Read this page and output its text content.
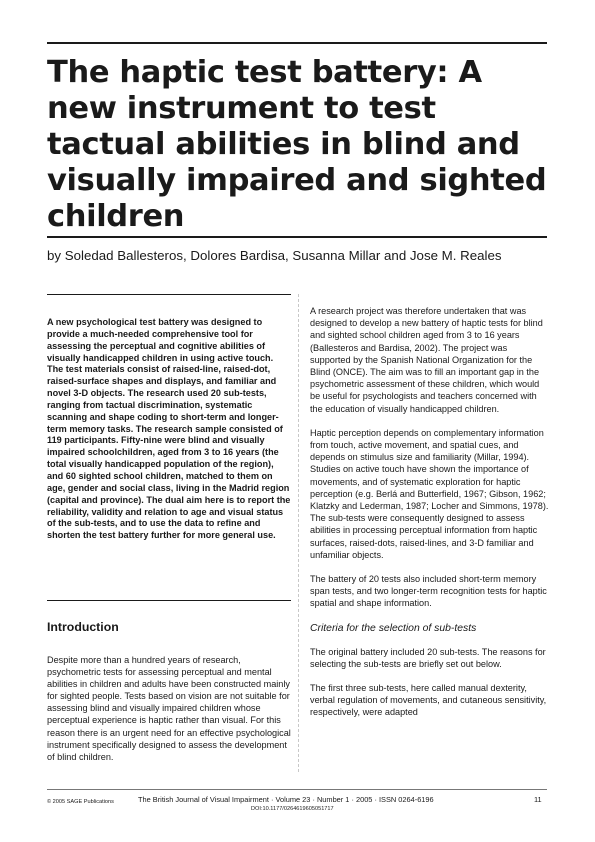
The haptic test battery: A new instrument to test tactual abilities in blind and visually impaired and sighted children

by Soledad Ballesteros, Dolores Bardisa, Susanna Millar and Jose M. Reales

A new psychological test battery was designed to provide a much-needed comprehensive tool for assessing the perceptual and cognitive abilities of visually handicapped children in using active touch. The test materials consist of raised-line, raised-dot, raised-surface shapes and displays, and familiar and novel 3-D objects. The research used 20 sub-tests, ranging from tactual discrimination, systematic scanning and shape coding to short-term and longer-term memory tasks. The research sample consisted of 119 participants. Fifty-nine were blind and visually impaired schoolchildren, aged from 3 to 16 years (the total visually handicapped population of the region), and 60 sighted school children, matched to them on age, gender and social class, living in the Madrid region (capital and province). The dual aim here is to report the reliability, validity and relation to age and visual status of the sub-tests, and to use the data to refine and shorten the test battery further for more general use.

Introduction

Despite more than a hundred years of research, psychometric tests for assessing perceptual and mental abilities in children and adults have been constructed mainly for sighted people. Tests based on vision are not suitable for assessing blind and visually impaired children whose perceptual experience is haptic rather than visual. For this reason there is an urgent need for an effective psychological instrument specifically designed to assess the development of blind children.

A research project was therefore undertaken that was designed to develop a new battery of haptic tests for blind and sighted school children aged from 3 to 16 years (Ballesteros and Bardisa, 2002). The project was supported by the Spanish National Organization for the Blind (ONCE). The aim was to fill an important gap in the psychometric assessment of these children, which would be useful for psychologists and teachers concerned with the education of visually handicapped children.

Haptic perception depends on complementary information from touch, active movement, and spatial cues, and depends on stimulus size and familiarity (Millar, 1994). Studies on active touch have shown the importance of movements, and of systematic exploration for haptic perception (e.g. Berlá and Butterfield, 1967; Gibson, 1962; Klatzky and Lederman, 1987; Locher and Simmons, 1978). The sub-tests were consequently designed to assess abilities in processing perceptual information from haptic surfaces, raised-dots, raised-lines, and 3-D familiar and unfamiliar objects.

The battery of 20 tests also included short-term memory span tests, and two longer-term recognition tests for haptic spatial and shape information.

Criteria for the selection of sub-tests

The original battery included 20 sub-tests. The reasons for selecting the sub-tests are briefly set out below.

The first three sub-tests, here called manual dexterity, verbal regulation of movements, and cutaneous sensitivity, respectively, were adapted

© 2005 SAGE Publications	The British Journal of Visual Impairment · Volume 23 · Number 1 · 2005 · ISSN 0264-6196
DOI:10.1177/0264619605051717
11
